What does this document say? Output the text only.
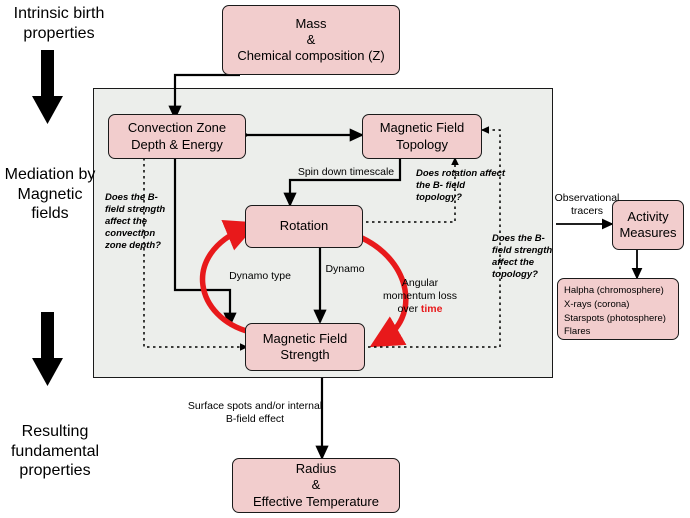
Intrinsic birth properties
Mediation by Magnetic fields
Resulting fundamental properties
Mass
&
Chemical composition (Z)
Convection Zone
Depth & Energy
Magnetic Field
Topology
Rotation
Magnetic Field
Strength
Activity
Measures
Radius
&
Effective Temperature
Halpha (chromosphere)
X-rays (corona)
Starspots (photosphere)
Flares
Spin down timescale
Dynamo type
Dynamo
Angular momentum loss over time
Does the B-field strength affect the convection zone depth?
Does rotation affect the B- field topology?
Does the B-field strength affect the topology?
Observational tracers
Surface spots and/or internal B-field effect
